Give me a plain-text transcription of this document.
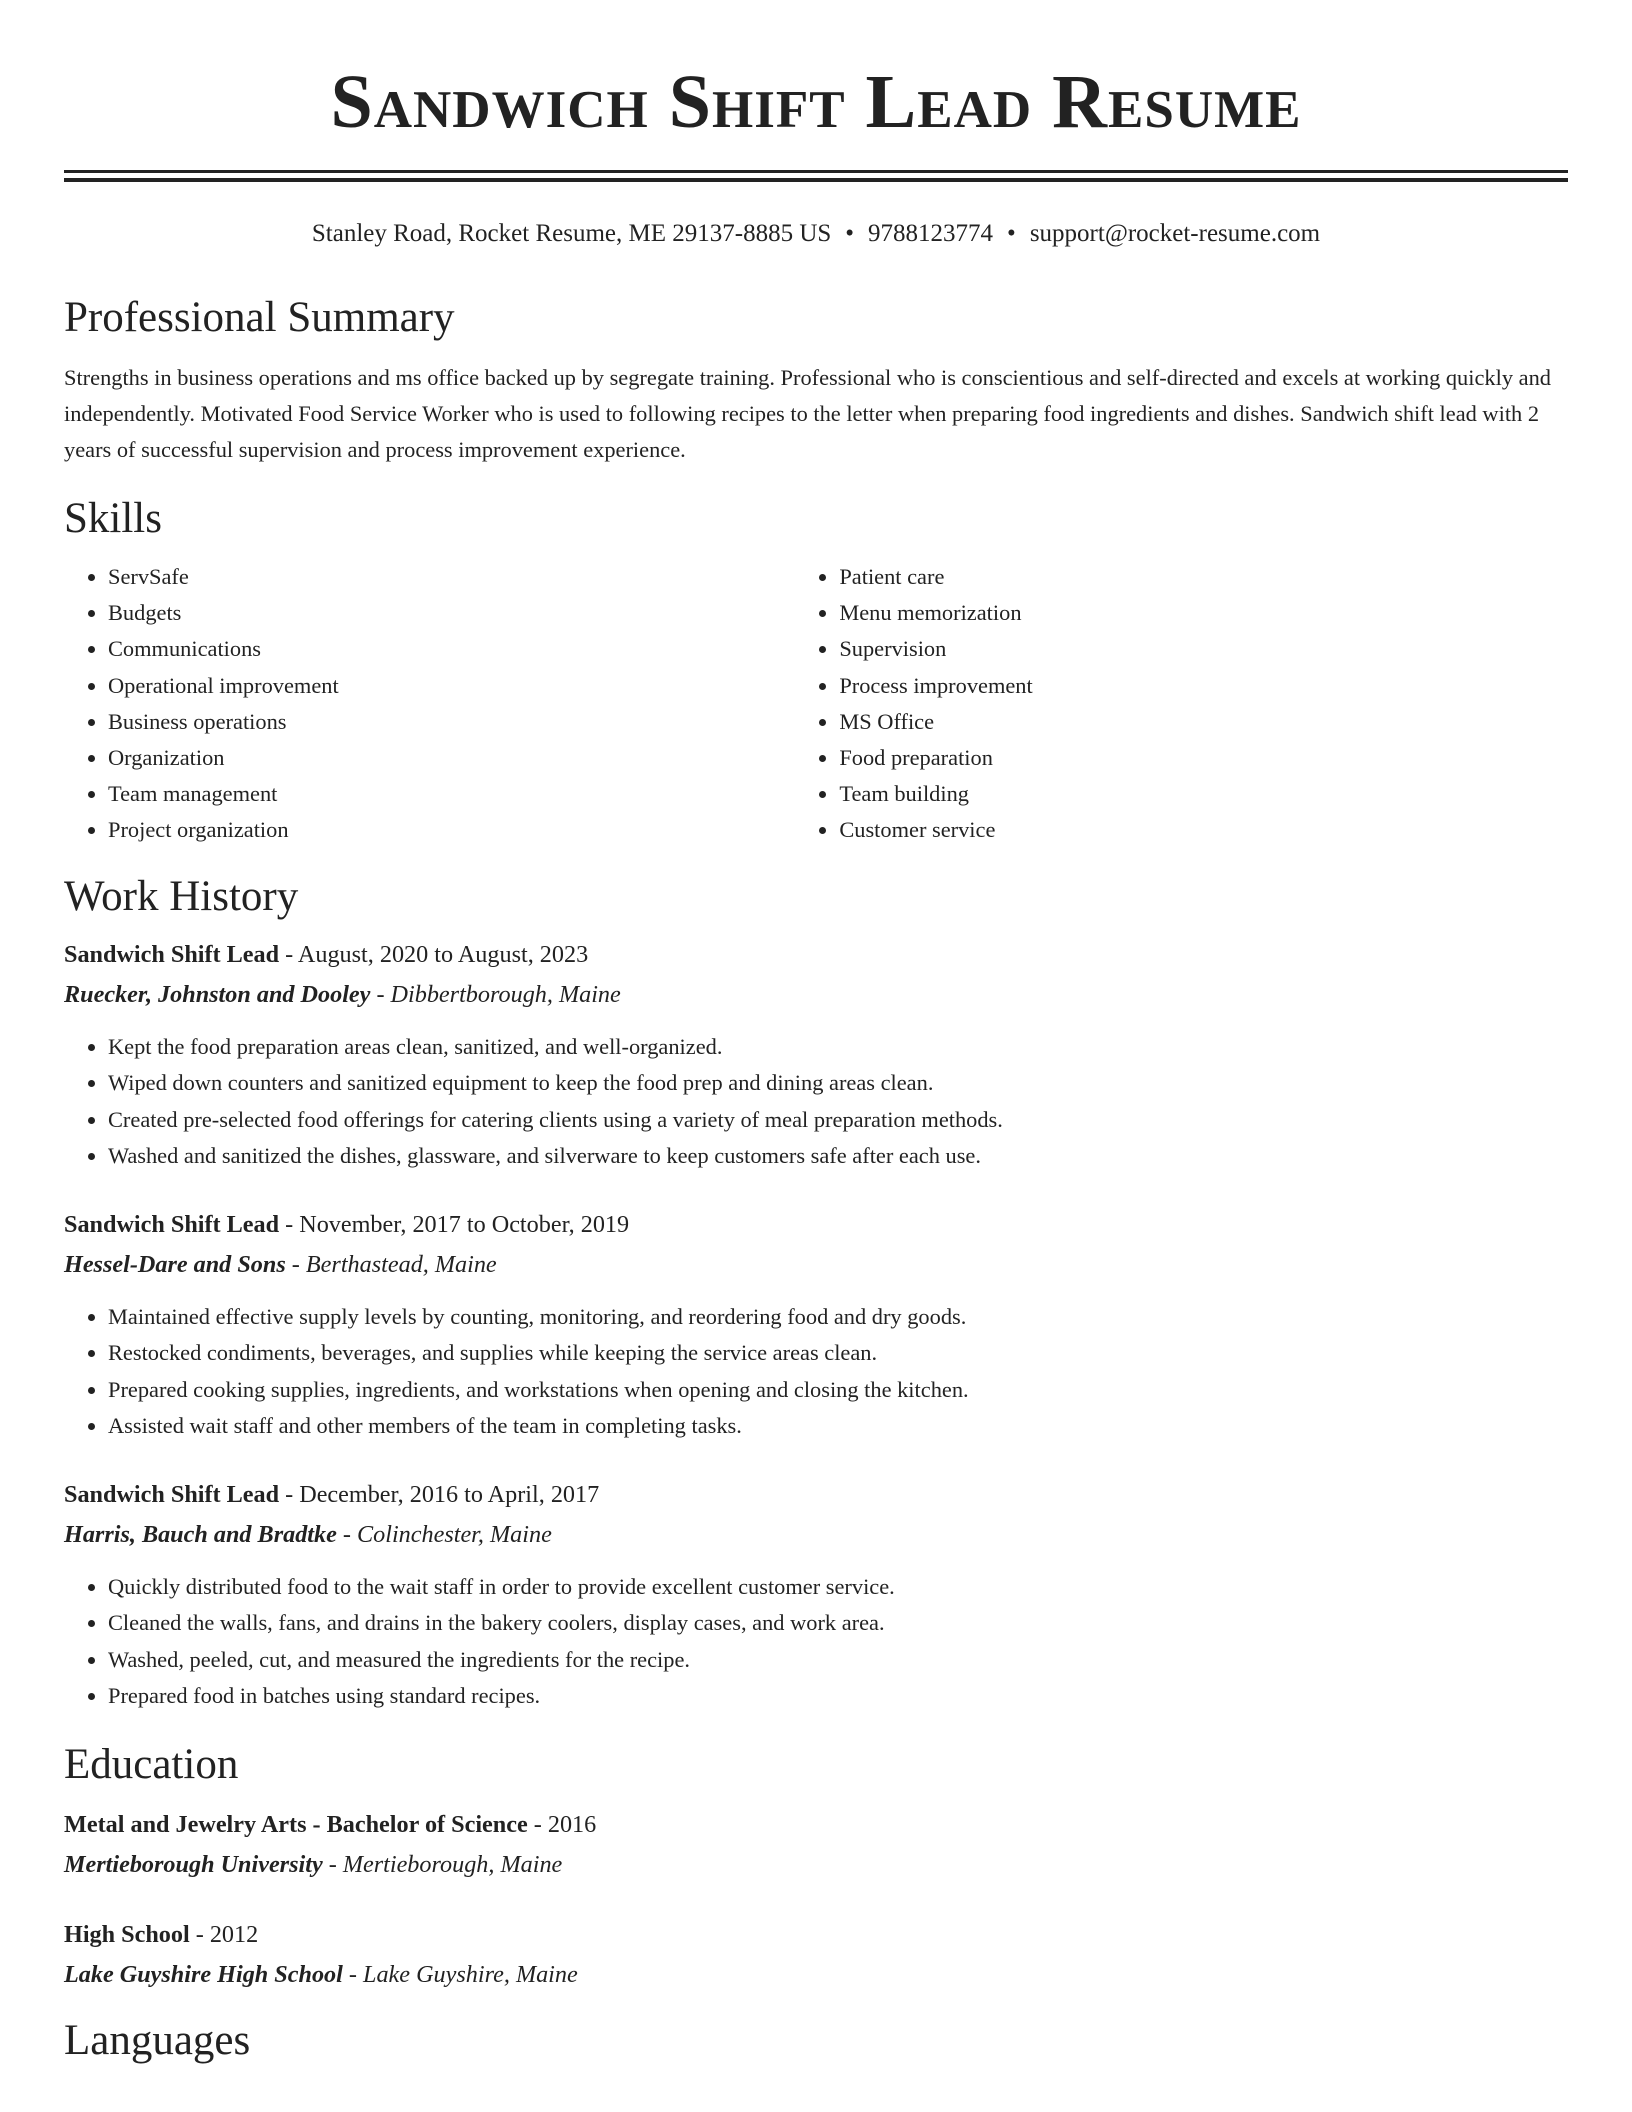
Sandwich Shift Lead Resume
Stanley Road, Rocket Resume, ME 29137-8885 US • 9788123774 • support@rocket-resume.com
Professional Summary
Strengths in business operations and ms office backed up by segregate training. Professional who is conscientious and self-directed and excels at working quickly and independently. Motivated Food Service Worker who is used to following recipes to the letter when preparing food ingredients and dishes. Sandwich shift lead with 2 years of successful supervision and process improvement experience.
Skills
• ServSafe
• Budgets
• Communications
• Operational improvement
• Business operations
• Organization
• Team management
• Project organization
• Patient care
• Menu memorization
• Supervision
• Process improvement
• MS Office
• Food preparation
• Team building
• Customer service
Work History
Sandwich Shift Lead - August, 2020 to August, 2023
Ruecker, Johnston and Dooley - Dibbertborough, Maine
• Kept the food preparation areas clean, sanitized, and well-organized.
• Wiped down counters and sanitized equipment to keep the food prep and dining areas clean.
• Created pre-selected food offerings for catering clients using a variety of meal preparation methods.
• Washed and sanitized the dishes, glassware, and silverware to keep customers safe after each use.
Sandwich Shift Lead - November, 2017 to October, 2019
Hessel-Dare and Sons - Berthastead, Maine
• Maintained effective supply levels by counting, monitoring, and reordering food and dry goods.
• Restocked condiments, beverages, and supplies while keeping the service areas clean.
• Prepared cooking supplies, ingredients, and workstations when opening and closing the kitchen.
• Assisted wait staff and other members of the team in completing tasks.
Sandwich Shift Lead - December, 2016 to April, 2017
Harris, Bauch and Bradtke - Colinchester, Maine
• Quickly distributed food to the wait staff in order to provide excellent customer service.
• Cleaned the walls, fans, and drains in the bakery coolers, display cases, and work area.
• Washed, peeled, cut, and measured the ingredients for the recipe.
• Prepared food in batches using standard recipes.
Education
Metal and Jewelry Arts - Bachelor of Science - 2016
Mertieborough University - Mertieborough, Maine
High School - 2012
Lake Guyshire High School - Lake Guyshire, Maine
Languages
